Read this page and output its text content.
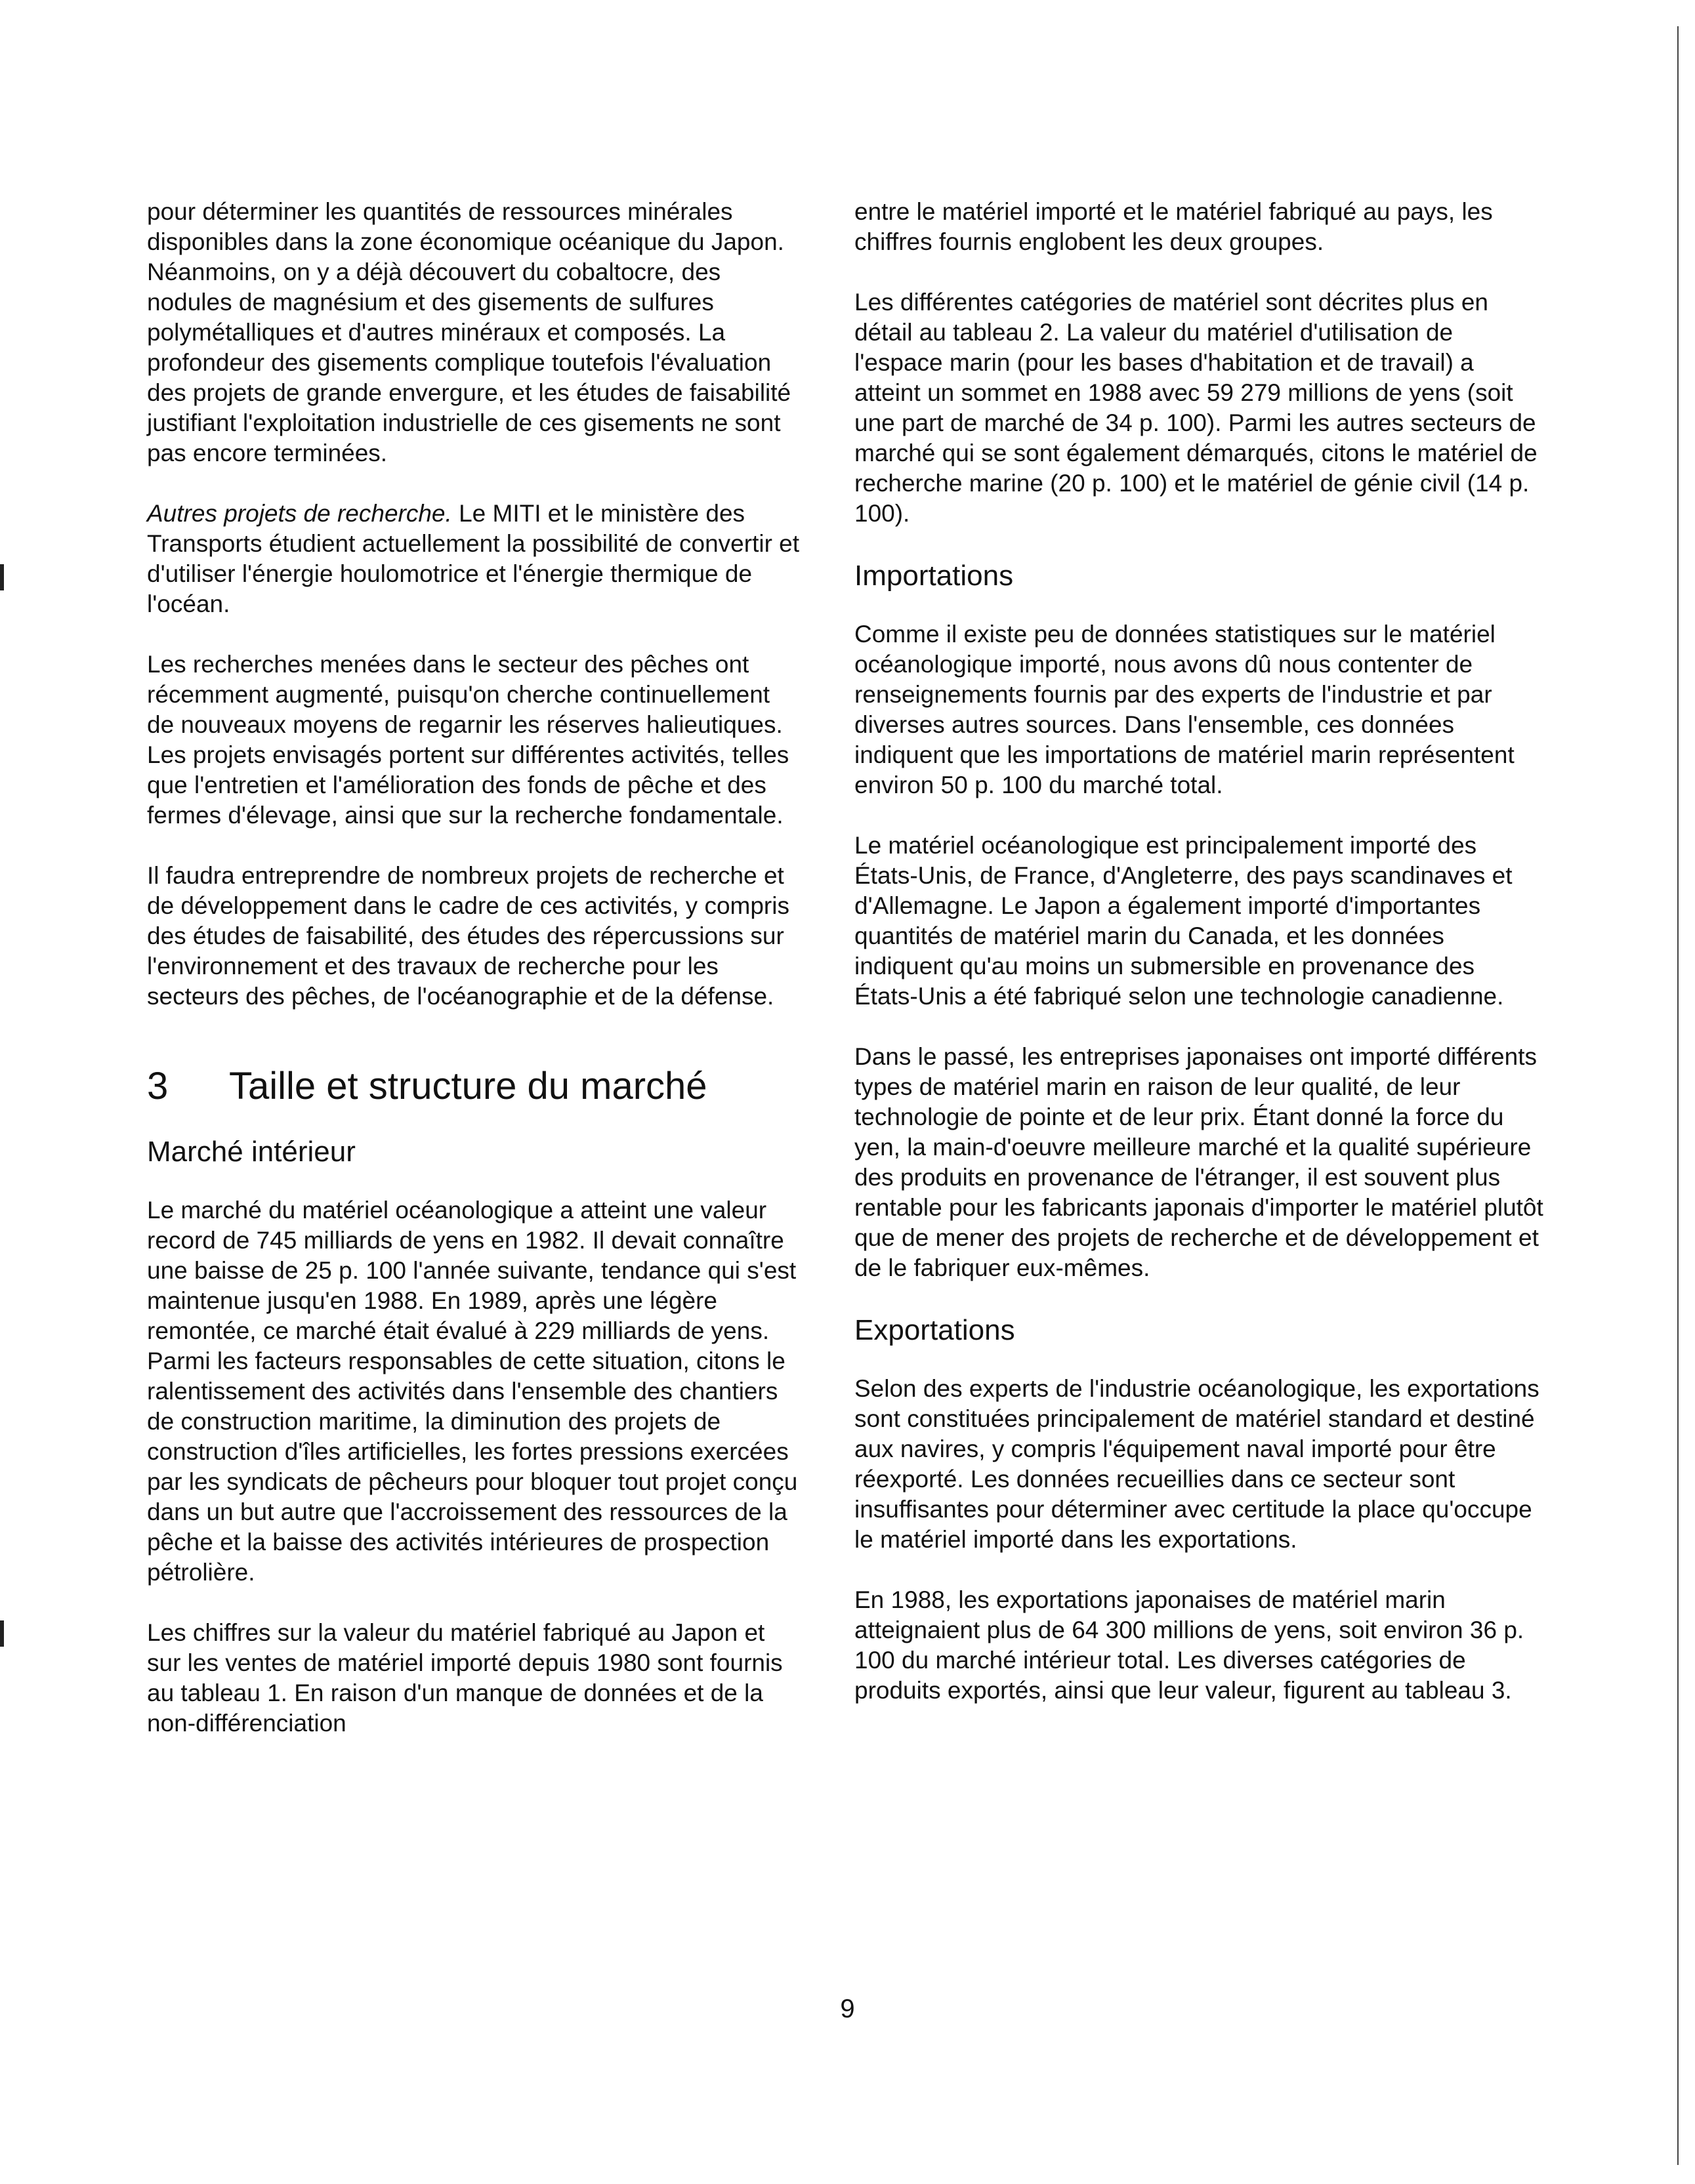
pour déterminer les quantités de ressources minérales disponibles dans la zone économique océanique du Japon. Néanmoins, on y a déjà découvert du cobaltocre, des nodules de magnésium et des gisements de sulfures polymétalliques et d'autres minéraux et composés. La profondeur des gisements complique toutefois l'évaluation des projets de grande envergure, et les études de faisabilité justifiant l'exploitation industrielle de ces gisements ne sont pas encore terminées.

Autres projets de recherche. Le MITI et le ministère des Transports étudient actuellement la possibilité de convertir et d'utiliser l'énergie houlomotrice et l'énergie thermique de l'océan.

Les recherches menées dans le secteur des pêches ont récemment augmenté, puisqu'on cherche continuellement de nouveaux moyens de regarnir les réserves halieutiques. Les projets envisagés portent sur différentes activités, telles que l'entretien et l'amélioration des fonds de pêche et des fermes d'élevage, ainsi que sur la recherche fondamentale.

Il faudra entreprendre de nombreux projets de recherche et de développement dans le cadre de ces activités, y compris des études de faisabilité, des études des répercussions sur l'environnement et des travaux de recherche pour les secteurs des pêches, de l'océanographie et de la défense.

3	Taille et structure du marché
Marché intérieur

Le marché du matériel océanologique a atteint une valeur record de 745 milliards de yens en 1982. Il devait connaître une baisse de 25 p. 100 l'année suivante, tendance qui s'est maintenue jusqu'en 1988. En 1989, après une légère remontée, ce marché était évalué à 229 milliards de yens. Parmi les facteurs responsables de cette situation, citons le ralentissement des activités dans l'ensemble des chantiers de construction maritime, la diminution des projets de construction d'îles artificielles, les fortes pressions exercées par les syndicats de pêcheurs pour bloquer tout projet conçu dans un but autre que l'accroissement des ressources de la pêche et la baisse des activités intérieures de prospection pétrolière.

Les chiffres sur la valeur du matériel fabriqué au Japon et sur les ventes de matériel importé depuis 1980 sont fournis au tableau 1. En raison d'un manque de données et de la non-différenciation

entre le matériel importé et le matériel fabriqué au pays, les chiffres fournis englobent les deux groupes.

Les différentes catégories de matériel sont décrites plus en détail au tableau 2. La valeur du matériel d'utilisation de l'espace marin (pour les bases d'habitation et de travail) a atteint un sommet en 1988 avec 59 279 millions de yens (soit une part de marché de 34 p. 100). Parmi les autres secteurs de marché qui se sont également démarqués, citons le matériel de recherche marine (20 p. 100) et le matériel de génie civil (14 p. 100).

Importations

Comme il existe peu de données statistiques sur le matériel océanologique importé, nous avons dû nous contenter de renseignements fournis par des experts de l'industrie et par diverses autres sources. Dans l'ensemble, ces données indiquent que les importations de matériel marin représentent environ 50 p. 100 du marché total.

Le matériel océanologique est principalement importé des États-Unis, de France, d'Angleterre, des pays scandinaves et d'Allemagne. Le Japon a également importé d'importantes quantités de matériel marin du Canada, et les données indiquent qu'au moins un submersible en provenance des États-Unis a été fabriqué selon une technologie canadienne.

Dans le passé, les entreprises japonaises ont importé différents types de matériel marin en raison de leur qualité, de leur technologie de pointe et de leur prix. Étant donné la force du yen, la main-d'oeuvre meilleure marché et la qualité supérieure des produits en provenance de l'étranger, il est souvent plus rentable pour les fabricants japonais d'importer le matériel plutôt que de mener des projets de recherche et de développement et de le fabriquer eux-mêmes.

Exportations

Selon des experts de l'industrie océanologique, les exportations sont constituées principalement de matériel standard et destiné aux navires, y compris l'équipement naval importé pour être réexporté. Les données recueillies dans ce secteur sont insuffisantes pour déterminer avec certitude la place qu'occupe le matériel importé dans les exportations.

En 1988, les exportations japonaises de matériel marin atteignaient plus de 64 300 millions de yens, soit environ 36 p. 100 du marché intérieur total. Les diverses catégories de produits exportés, ainsi que leur valeur, figurent au tableau 3.

9
